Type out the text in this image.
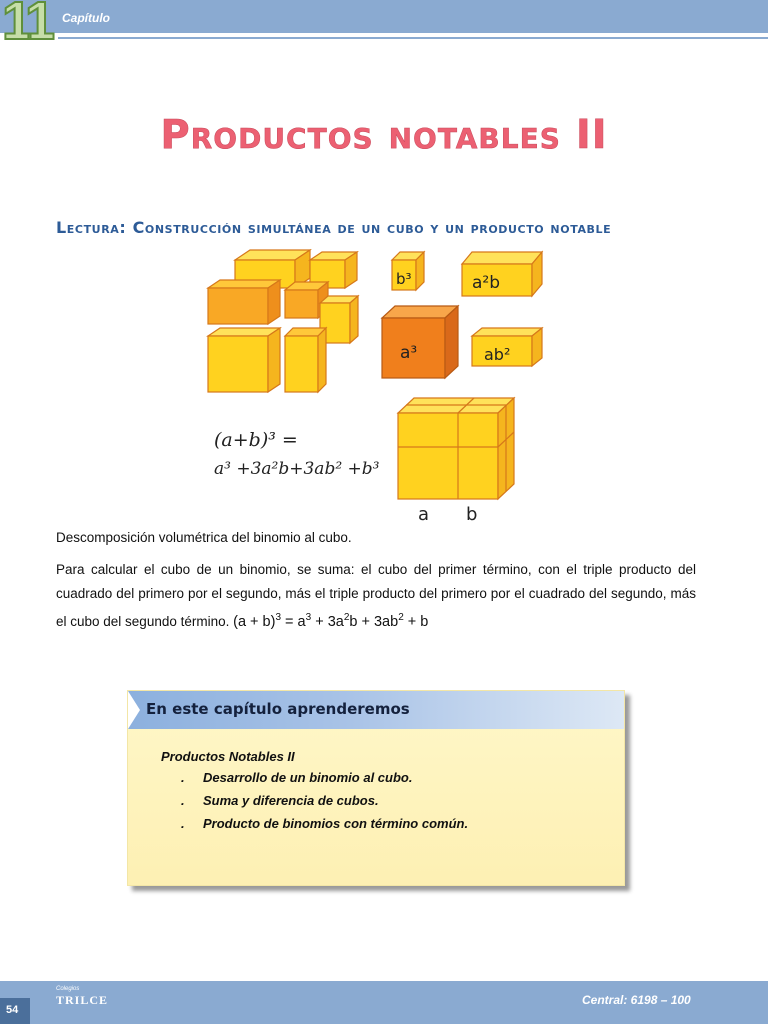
11 Capítulo
Productos notables II
Lectura: Construcción simultánea de un cubo y un producto notable
b³	a²b
a³	ab²
(a+b)³ =
a³ +3a²b+3ab² +b³
a b
Descomposición volumétrica del binomio al cubo.
Para calcular el cubo de un binomio, se suma: el cubo del primer término, con el triple producto del cuadrado del primero por el segundo, más el triple producto del primero por el cuadrado del segundo, más el cubo del segundo término. $(a + b)^3 = a^3 + 3a^2b + 3ab^2 + b$
En este capítulo aprenderemos
Productos Notables II
. Desarrollo de un binomio al cubo.
. Suma y diferencia de cubos.
. Producto de binomios con término común.
54
Colegios
TRILCE	Central: 6198 – 100
